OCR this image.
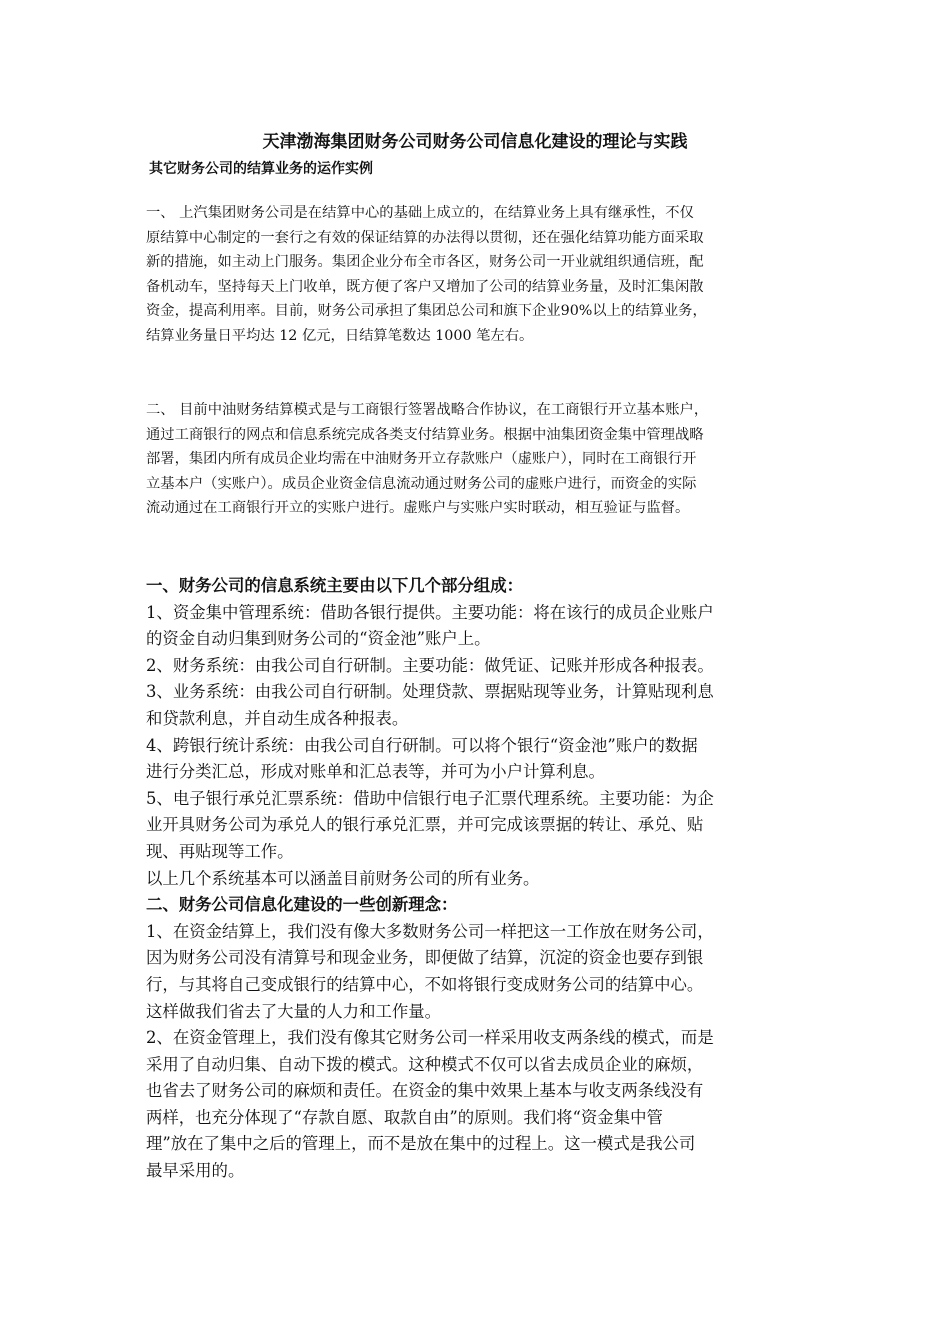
天津渤海集团财务公司财务公司信息化建设的理论与实践
其它财务公司的结算业务的运作实例
一、 上汽集团财务公司是在结算中心的基础上成立的，在结算业务上具有继承性，不仅
原结算中心制定的一套行之有效的保证结算的办法得以贯彻，还在强化结算功能方面采取
新的措施，如主动上门服务。集团企业分布全市各区，财务公司一开业就组织通信班，配
备机动车，坚持每天上门收单，既方便了客户又增加了公司的结算业务量，及时汇集闲散
资金，提高利用率。目前，财务公司承担了集团总公司和旗下企业90%以上的结算业务，
结算业务量日平均达 12 亿元，日结算笔数达 1000 笔左右。
二、 目前中油财务结算模式是与工商银行签署战略合作协议，在工商银行开立基本账户，
通过工商银行的网点和信息系统完成各类支付结算业务。根据中油集团资金集中管理战略
部署，集团内所有成员企业均需在中油财务开立存款账户（虚账户），同时在工商银行开
立基本户（实账户）。成员企业资金信息流动通过财务公司的虚账户进行，而资金的实际
流动通过在工商银行开立的实账户进行。虚账户与实账户实时联动，相互验证与监督。
一、财务公司的信息系统主要由以下几个部分组成：
1、资金集中管理系统：借助各银行提供。主要功能：将在该行的成员企业账户
的资金自动归集到财务公司的“资金池”账户上。
2、财务系统：由我公司自行研制。主要功能：做凭证、记账并形成各种报表。
3、业务系统：由我公司自行研制。处理贷款、票据贴现等业务，计算贴现利息
和贷款利息，并自动生成各种报表。
4、跨银行统计系统：由我公司自行研制。可以将个银行“资金池”账户的数据
进行分类汇总，形成对账单和汇总表等，并可为小户计算利息。
5、电子银行承兑汇票系统：借助中信银行电子汇票代理系统。主要功能：为企
业开具财务公司为承兑人的银行承兑汇票，并可完成该票据的转让、承兑、贴
现、再贴现等工作。
以上几个系统基本可以涵盖目前财务公司的所有业务。
二、财务公司信息化建设的一些创新理念：
1、在资金结算上，我们没有像大多数财务公司一样把这一工作放在财务公司，
因为财务公司没有清算号和现金业务，即便做了结算，沉淀的资金也要存到银
行，与其将自己变成银行的结算中心，不如将银行变成财务公司的结算中心。
这样做我们省去了大量的人力和工作量。
2、在资金管理上，我们没有像其它财务公司一样采用收支两条线的模式，而是
采用了自动归集、自动下拨的模式。这种模式不仅可以省去成员企业的麻烦，
也省去了财务公司的麻烦和责任。在资金的集中效果上基本与收支两条线没有
两样，也充分体现了“存款自愿、取款自由”的原则。我们将“资金集中管
理”放在了集中之后的管理上，而不是放在集中的过程上。这一模式是我公司
最早采用的。
